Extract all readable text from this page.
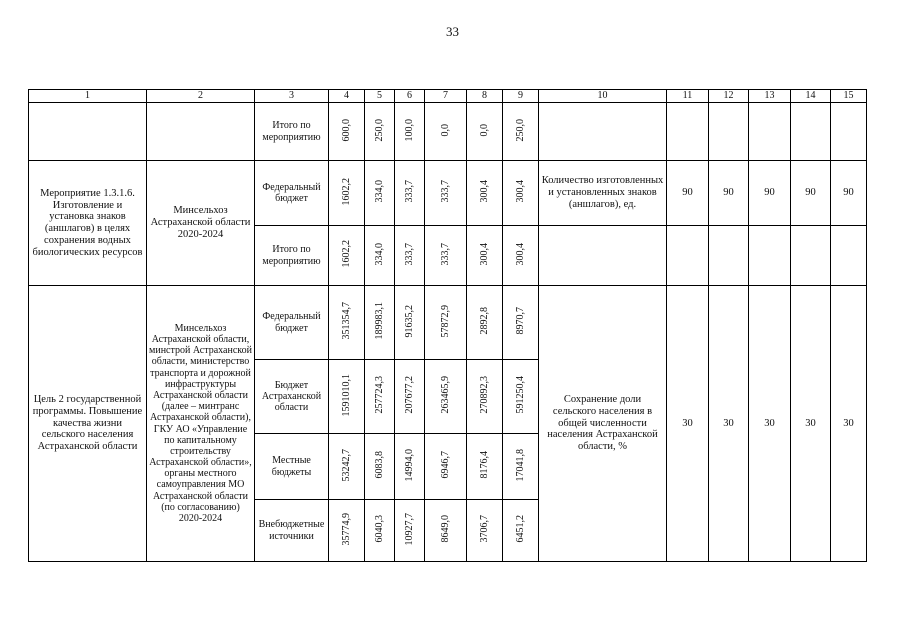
33
1	2	3	4	5	6	7	8	9	10	11	12	13	14	15
		Итого по мероприятию	600,0	250,0	100,0	0,0	0,0	250,0						
Мероприятие 1.3.1.6. Изготовление и установка знаков (аншлагов) в целях сохранения водных биологических ресурсов	Минсельхоз Астраханской области 2020-2024	Федеральный бюджет	1602,2	334,0	333,7	333,7	300,4	300,4	Количество изготовленных и установленных знаков (аншлагов), ед.	90	90	90	90	90
		Итого по мероприятию	1602,2	334,0	333,7	333,7	300,4	300,4						
Цель 2 государственной программы. Повышение качества жизни сельского населения Астраханской области	Минсельхоз Астраханской области, минстрой Астраханской области, министерство транспорта и дорожной инфраструктуры Астраханской области (далее – минтранс Астраханской области), ГКУ АО «Управление по капитальному строительству Астраханской области», органы местного самоуправления МО Астраханской области (по согласованию) 2020-2024	Федеральный бюджет	351354,7	189983,1	91635,2	57872,9	2892,8	8970,7	Сохранение доли сельского населения в общей численности населения Астраханской области, %	30	30	30	30	30
		Бюджет Астраханской области	1591010,1	257724,3	207677,2	263465,9	270892,3	591250,4						
		Местные бюджеты	53242,7	6083,8	14994,0	6946,7	8176,4	17041,8						
		Внебюджетные источники	35774,9	6040,3	10927,7	8649,0	3706,7	6451,2						
